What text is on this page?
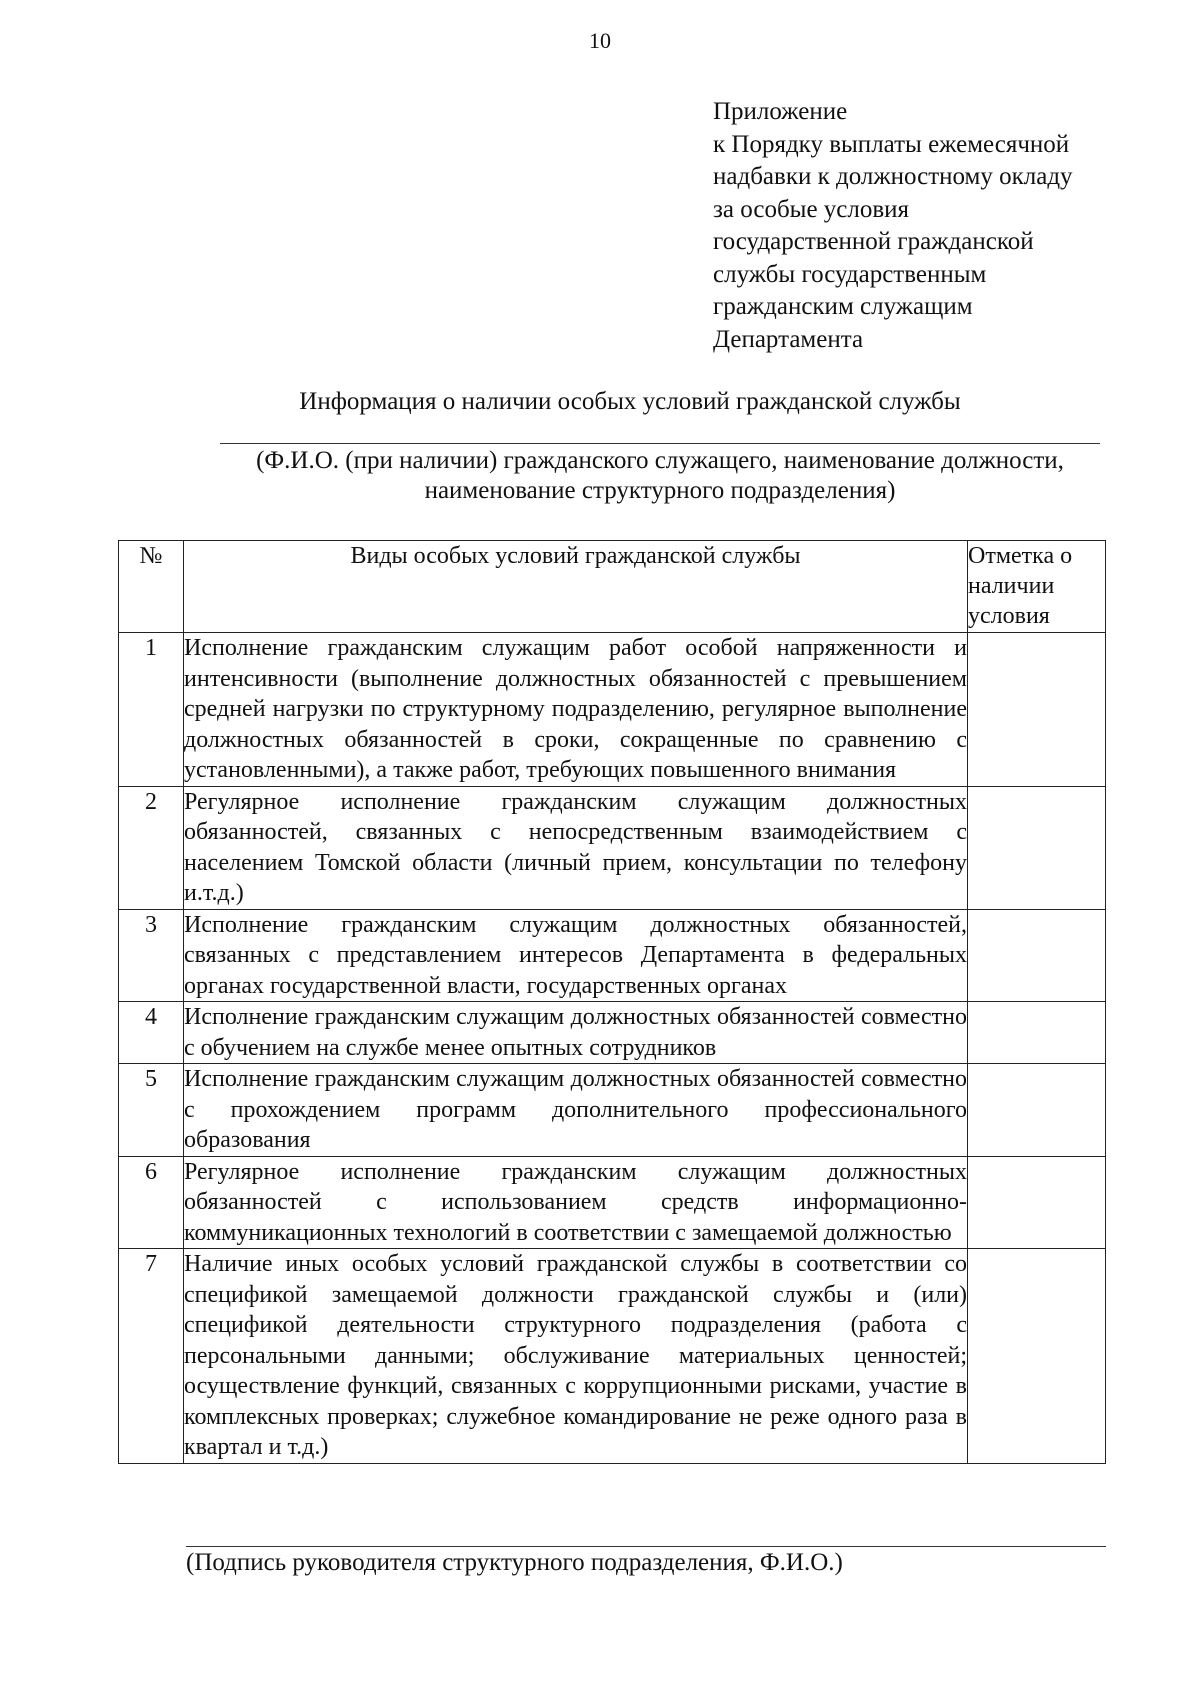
10
Приложение
к Порядку выплаты ежемесячной
надбавки к должностному окладу
за особые условия
государственной гражданской
службы государственным
гражданским служащим
Департамента
Информация о наличии особых условий гражданской службы
(Ф.И.О. (при наличии) гражданского служащего, наименование должности,
наименование структурного подразделения)
№	Виды особых условий гражданской службы	Отметка о наличии условия
1	Исполнение гражданским служащим работ особой напряженности и интенсивности (выполнение должностных обязанностей с превышением средней нагрузки по структурному подразделению, регулярное выполнение должностных обязанностей в сроки, сокращенные по сравнению с установленными), а также работ, требующих повышенного внимания	
2	Регулярное исполнение гражданским служащим должностных обязанностей, связанных с непосредственным взаимодействием с населением Томской области (личный прием, консультации по телефону и.т.д.)	
3	Исполнение гражданским служащим должностных обязанностей, связанных с представлением интересов Департамента в федеральных органах государственной власти, государственных органах	
4	Исполнение гражданским служащим должностных обязанностей совместно с обучением на службе менее опытных сотрудников	
5	Исполнение гражданским служащим должностных обязанностей совместно с прохождением программ дополнительного профессионального образования	
6	Регулярное исполнение гражданским служащим должностных обязанностей с использованием средств информационно-коммуникационных технологий в соответствии с замещаемой должностью	
7	Наличие иных особых условий гражданской службы в соответствии со спецификой замещаемой должности гражданской службы и (или) спецификой деятельности структурного подразделения (работа с персональными данными; обслуживание материальных ценностей; осуществление функций, связанных с коррупционными рисками, участие в комплексных проверках; служебное командирование не реже одного раза в квартал и т.д.)	
(Подпись руководителя структурного подразделения, Ф.И.О.)
